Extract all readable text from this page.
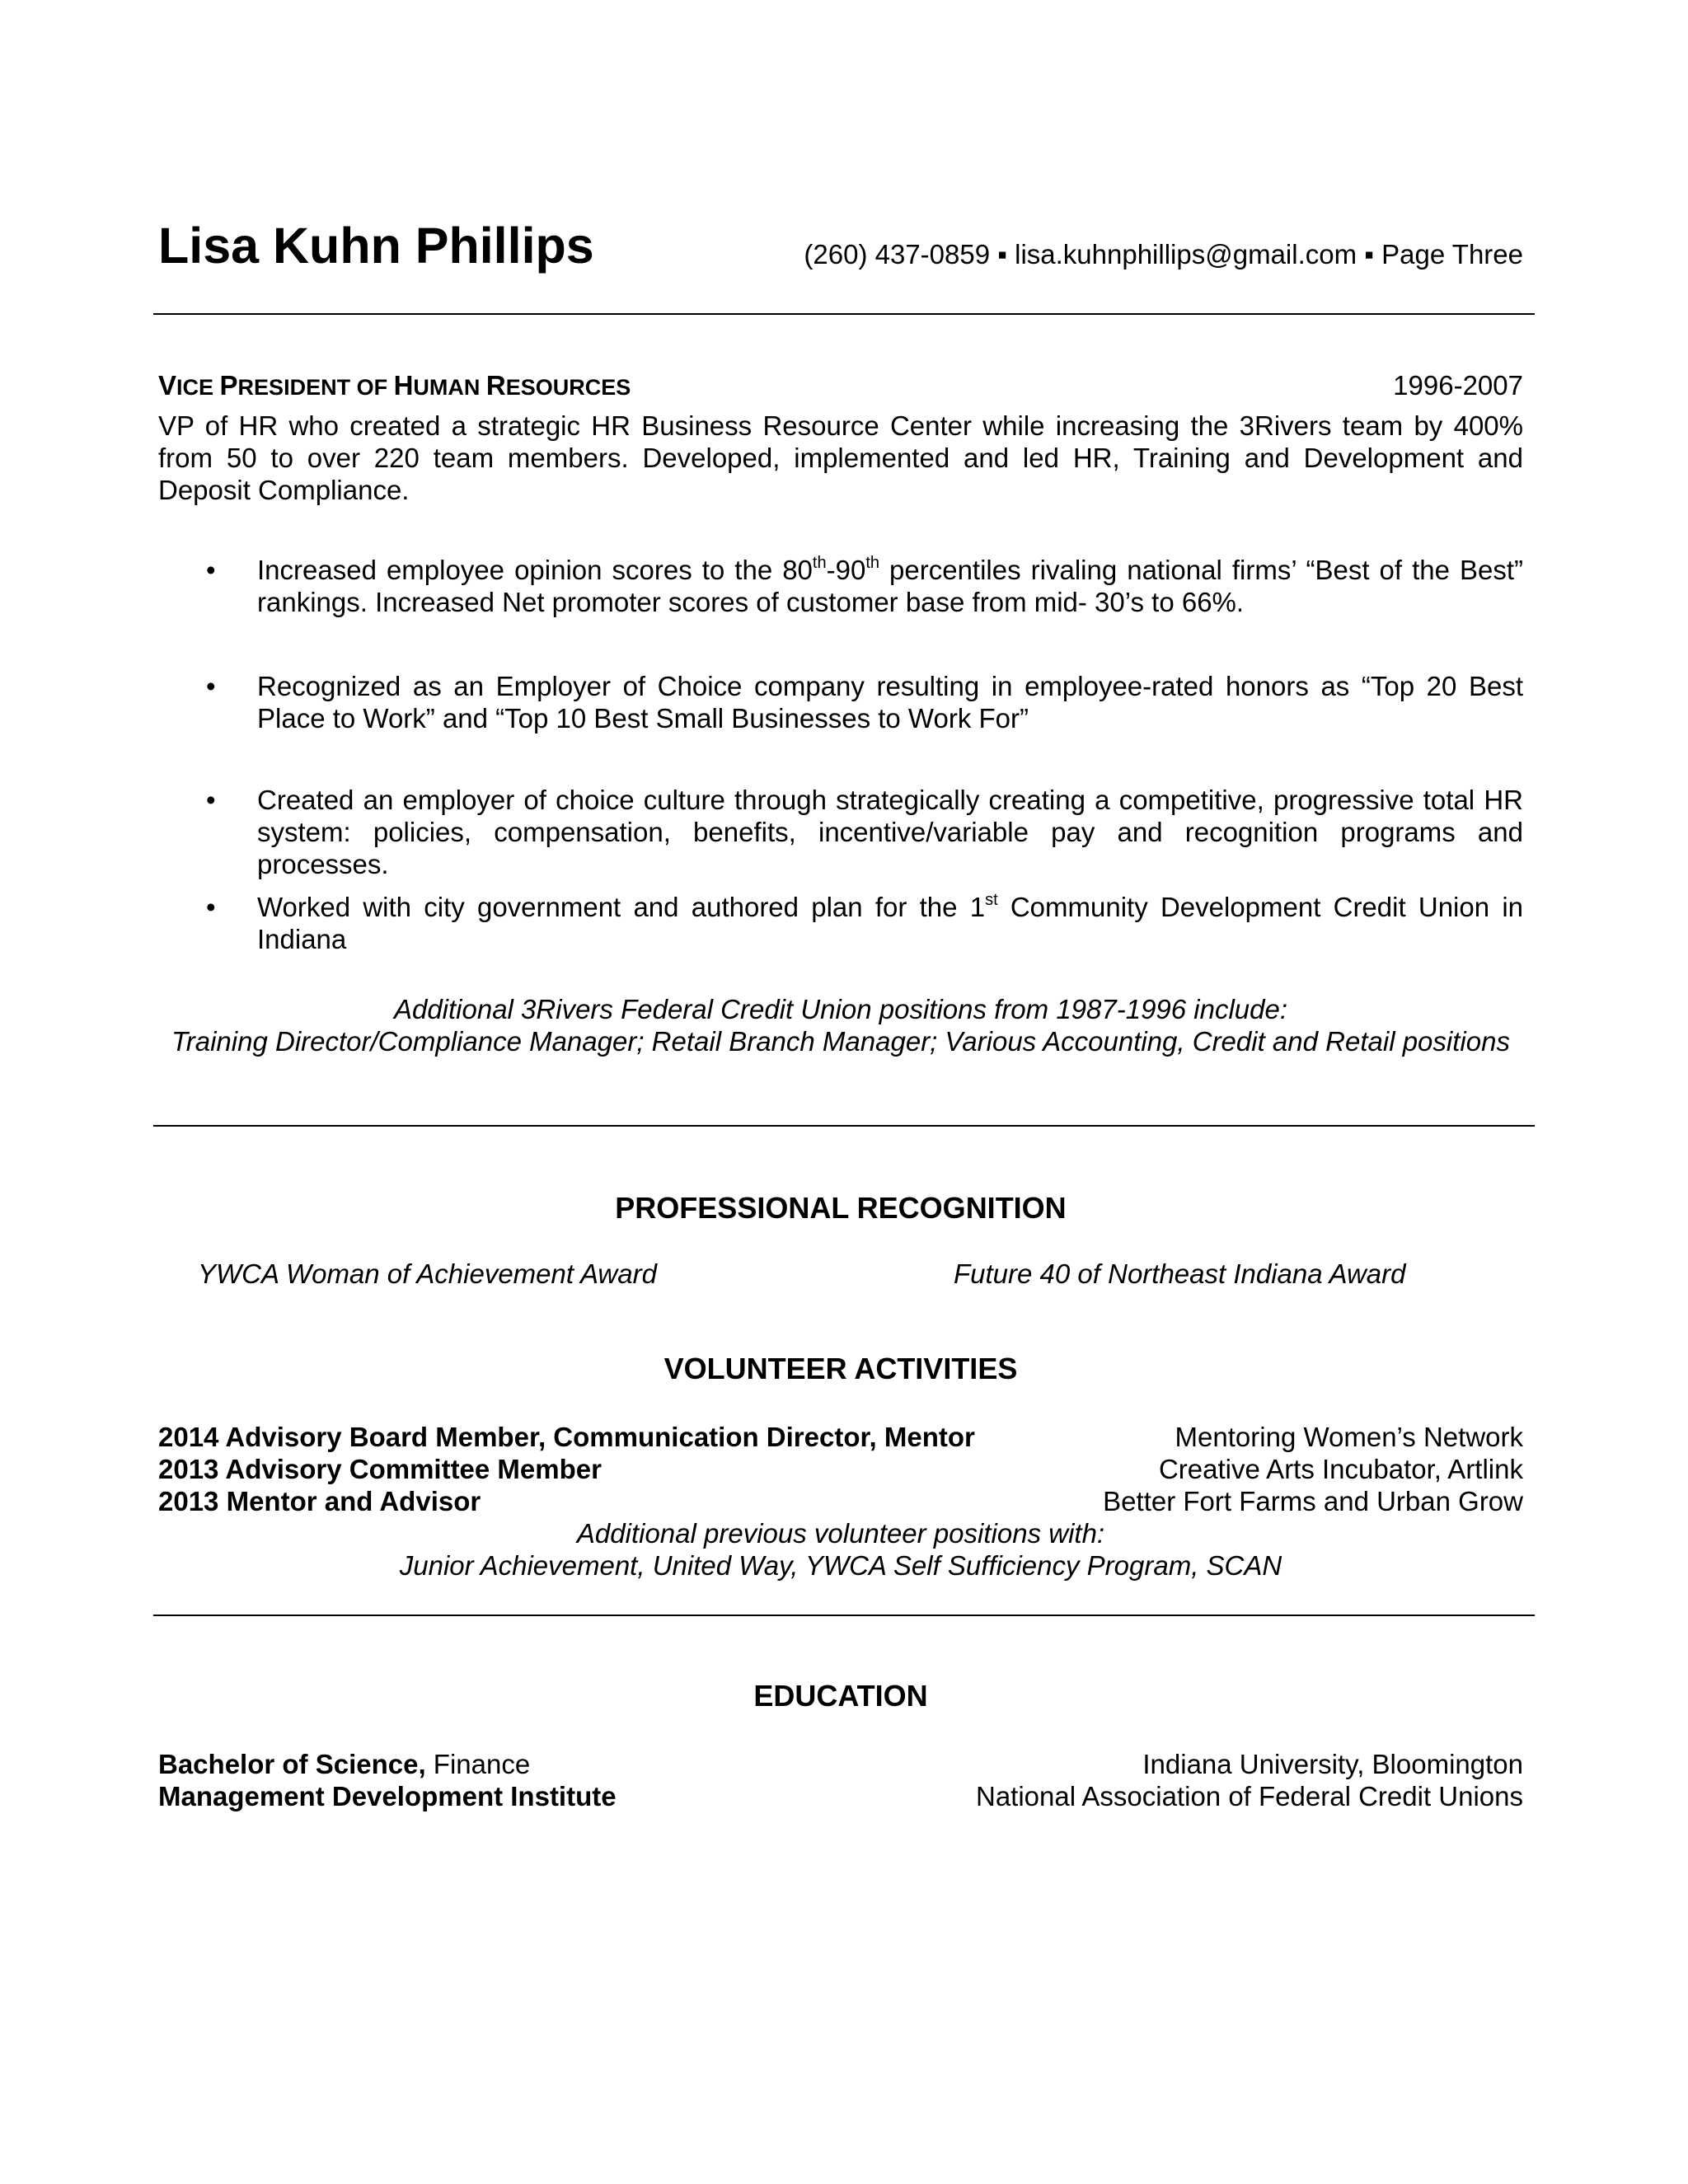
Lisa Kuhn Phillips	(260) 437-0859 ▪ lisa.kuhnphillips@gmail.com ▪ Page Three
VICE PRESIDENT OF HUMAN RESOURCES	1996-2007
VP of HR who created a strategic HR Business Resource Center while increasing the 3Rivers team by 400% from 50 to over 220 team members. Developed, implemented and led HR, Training and Development and Deposit Compliance.
• Increased employee opinion scores to the 80th-90th percentiles rivaling national firms’ “Best of the Best” rankings. Increased Net promoter scores of customer base from mid- 30’s to 66%.
• Recognized as an Employer of Choice company resulting in employee-rated honors as “Top 20 Best Place to Work” and “Top 10 Best Small Businesses to Work For”
• Created an employer of choice culture through strategically creating a competitive, progressive total HR system: policies, compensation, benefits, incentive/variable pay and recognition programs and processes.
• Worked with city government and authored plan for the 1st Community Development Credit Union in Indiana
Additional 3Rivers Federal Credit Union positions from 1987-1996 include:
Training Director/Compliance Manager; Retail Branch Manager; Various Accounting, Credit and Retail positions
PROFESSIONAL RECOGNITION
YWCA Woman of Achievement Award	Future 40 of Northeast Indiana Award
VOLUNTEER ACTIVITIES
2014 Advisory Board Member, Communication Director, Mentor	Mentoring Women’s Network
2013 Advisory Committee Member	Creative Arts Incubator, Artlink
2013 Mentor and Advisor	Better Fort Farms and Urban Grow
Additional previous volunteer positions with:
Junior Achievement, United Way, YWCA Self Sufficiency Program, SCAN
EDUCATION
Bachelor of Science, Finance	Indiana University, Bloomington
Management Development Institute	National Association of Federal Credit Unions
